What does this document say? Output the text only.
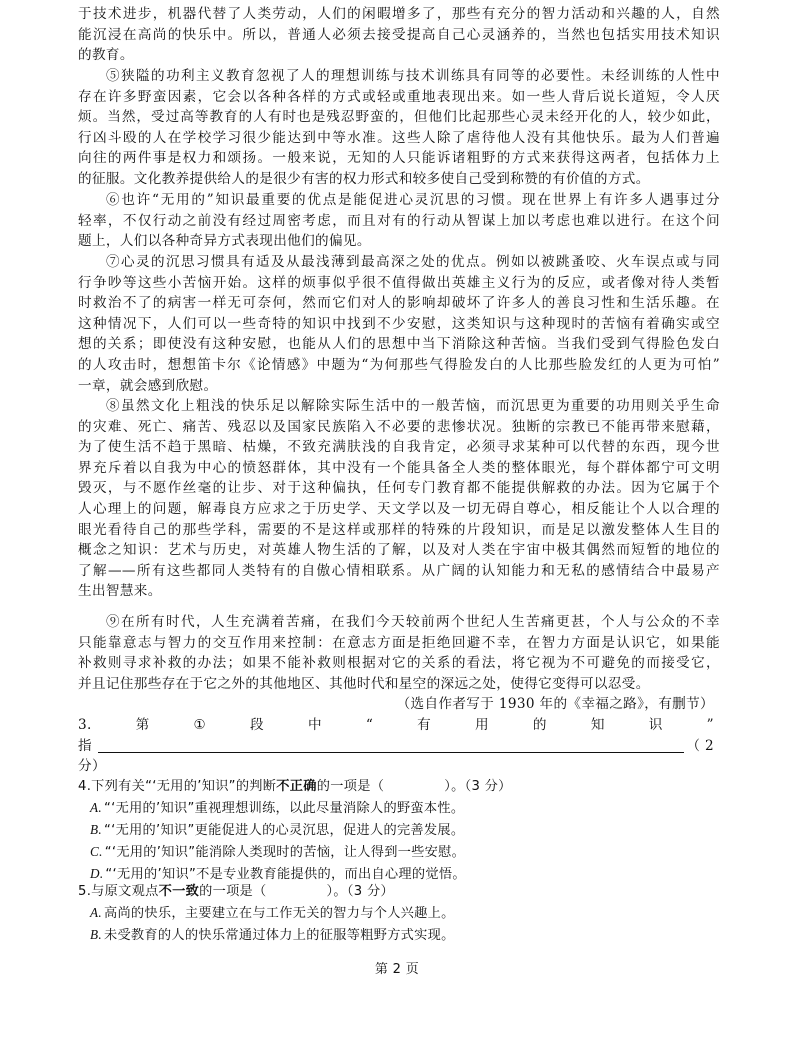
于技术进步，机器代替了人类劳动，人们的闲暇增多了，那些有充分的智力活动和兴趣的人，自然
能沉浸在高尚的快乐中。所以，普通人必须去接受提高自己心灵涵养的，当然也包括实用技术知识
的教育。
⑤狭隘的功利主义教育忽视了人的理想训练与技术训练具有同等的必要性。未经训练的人性中
存在许多野蛮因素，它会以各种各样的方式或轻或重地表现出来。如一些人背后说长道短，令人厌
烦。当然，受过高等教育的人有时也是残忍野蛮的，但他们比起那些心灵未经开化的人，较少如此，
行凶斗殴的人在学校学习很少能达到中等水准。这些人除了虐待他人没有其他快乐。最为人们普遍
向往的两件事是权力和颂扬。一般来说，无知的人只能诉诸粗野的方式来获得这两者，包括体力上
的征服。文化教养提供给人的是很少有害的权力形式和较多使自己受到称赞的有价值的方式。
⑥也许“无用的”知识最重要的优点是能促进心灵沉思的习惯。现在世界上有许多人遇事过分
轻率，不仅行动之前没有经过周密考虑，而且对有的行动从智谋上加以考虑也难以进行。在这个问
题上，人们以各种奇异方式表现出他们的偏见。
⑦心灵的沉思习惯具有适及从最浅薄到最高深之处的优点。例如以被跳蚤咬、火车误点或与同
行争吵等这些小苦恼开始。这样的烦事似乎很不值得做出英雄主义行为的反应，或者像对待人类暂
时救治不了的病害一样无可奈何，然而它们对人的影响却破坏了许多人的善良习性和生活乐趣。在
这种情况下，人们可以一些奇特的知识中找到不少安慰，这类知识与这种现时的苦恼有着确实或空
想的关系；即使没有这种安慰，也能从人们的思想中当下消除这种苦恼。当我们受到气得脸色发白
的人攻击时，想想笛卡尔《论情感》中题为“为何那些气得脸发白的人比那些脸发红的人更为可怕”
一章，就会感到欣慰。
⑧虽然文化上粗浅的快乐足以解除实际生活中的一般苦恼，而沉思更为重要的功用则关乎生命
的灾难、死亡、痛苦、残忍以及国家民族陷入不必要的悲惨状况。独断的宗教已不能再带来慰藉，
为了使生活不趋于黑暗、枯燥，不致充满肤浅的自我肯定，必须寻求某种可以代替的东西，现今世
界充斥着以自我为中心的愤怒群体，其中没有一个能具备全人类的整体眼光，每个群体都宁可文明
毁灭，与不愿作丝毫的让步、对于这种偏执，任何专门教育都不能提供解救的办法。因为它属于个
人心理上的问题，解毒良方应求之于历史学、天文学以及一切无碍自尊心，相反能让个人以合理的
眼光看待自己的那些学科，需要的不是这样或那样的特殊的片段知识，而是足以激发整体人生目的
概念之知识：艺术与历史，对英雄人物生活的了解，以及对人类在宇宙中极其偶然而短暂的地位的
了解——所有这些都同人类特有的自傲心情相联系。从广阔的认知能力和无私的感情结合中最易产
生出智慧来。
⑨在所有时代，人生充满着苦痛，在我们今天较前两个世纪人生苦痛更甚，个人与公众的不幸
只能靠意志与智力的交互作用来控制：在意志方面是拒绝回避不幸，在智力方面是认识它，如果能
补救则寻求补救的办法；如果不能补救则根据对它的关系的看法，将它视为不可避免的而接受它，
并且记住那些存在于它之外的其他地区、其他时代和星空的深远之处，使得它变得可以忍受。
（选自作者写于 1930 年的《幸福之路》，有删节）
3.	第	①	段	中	“	有	用	的	知	识	”
指	（ 2
分）
4.下列有关“‘无用的’知识”的判断不正确的一项是（	）。（3 分）
A. “‘无用的’知识”重视理想训练，以此尽量消除人的野蛮本性。
B. “‘无用的’知识”更能促进人的心灵沉思，促进人的完善发展。
C. “‘无用的’知识”能消除人类现时的苦恼，让人得到一些安慰。
D. “‘无用的’知识”不是专业教育能提供的，而出自心理的觉悟。
5.与原文观点不一致的一项是（	）。（3 分）
A. 高尚的快乐，主要建立在与工作无关的智力与个人兴趣上。
B. 未受教育的人的快乐常通过体力上的征服等粗野方式实现。
第 2 页
